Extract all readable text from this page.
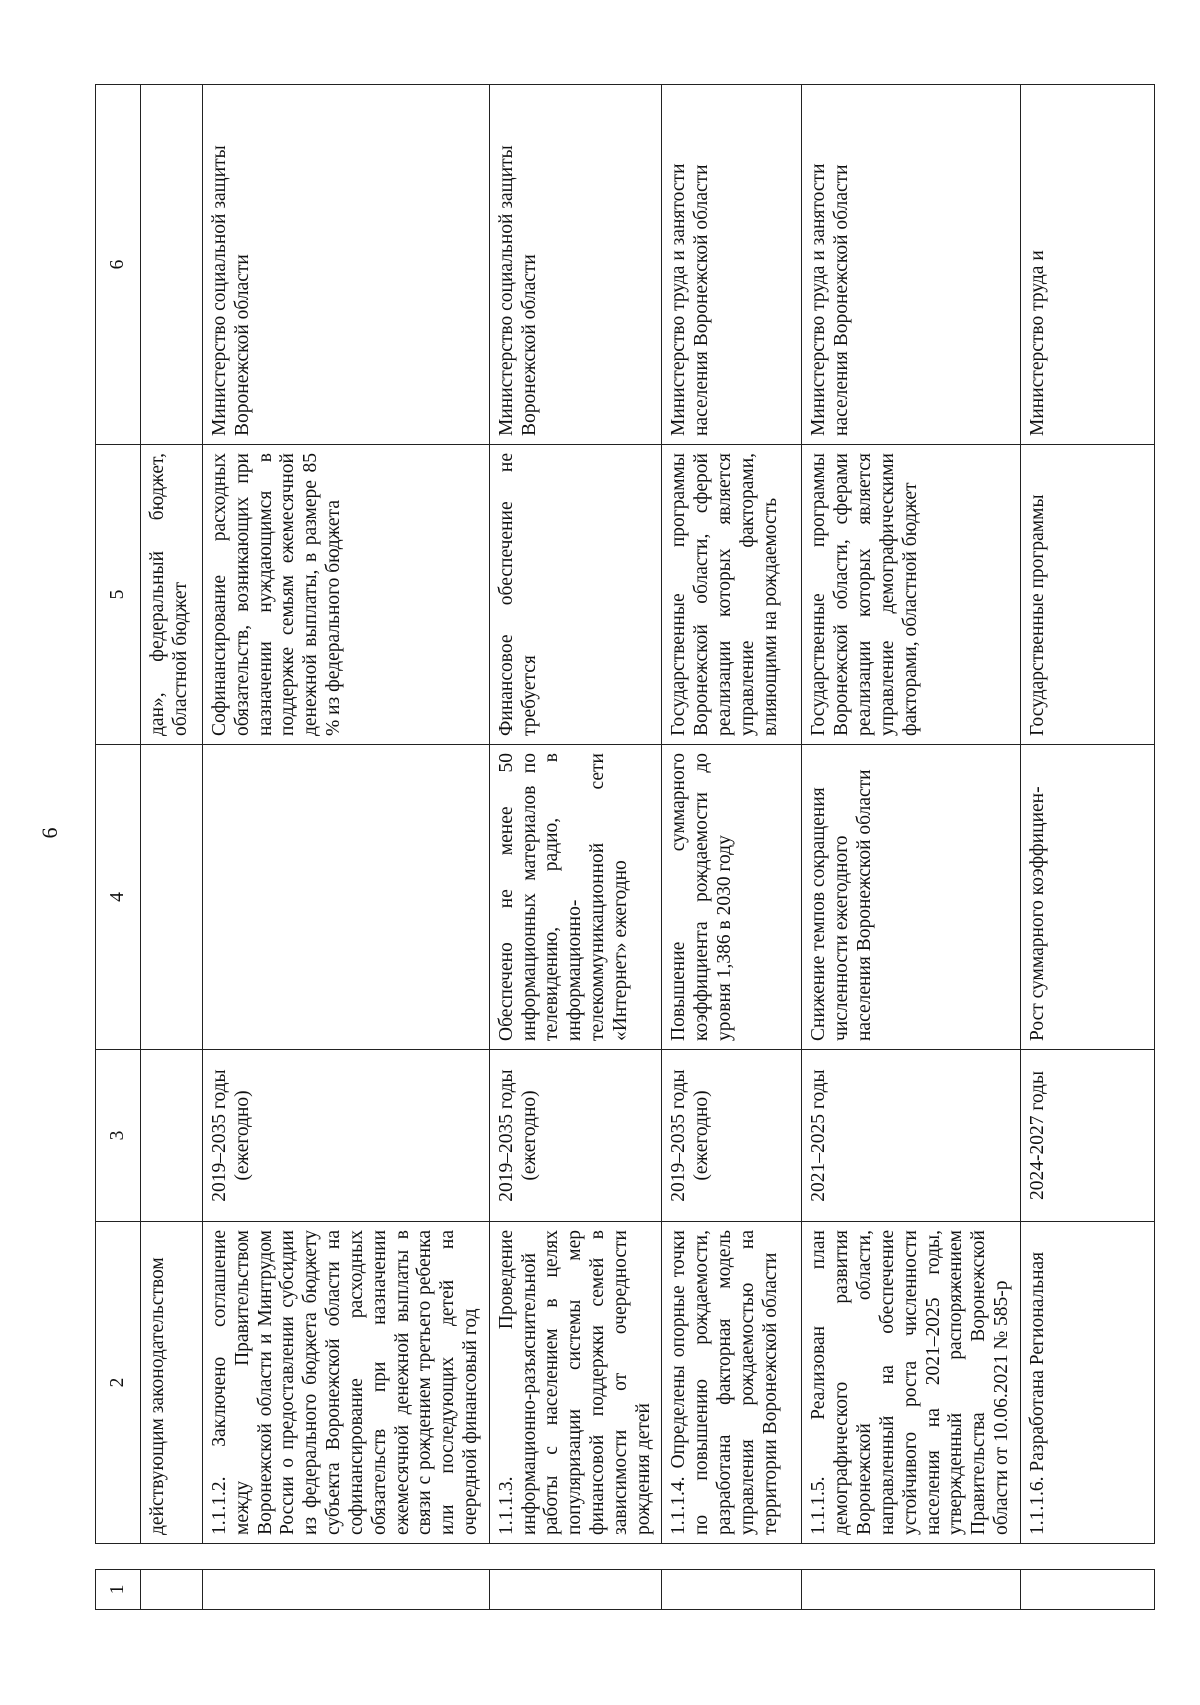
6
1		2	3	4	5	6
		действующим законодательством			дан», федеральный бюджет, областной бюджет	
		1.1.1.2. Заключено соглашение между Правительством Воронежской области и Минтрудом России о предоставлении субсидии из федерального бюджета бюджету субъекта Воронежской области на софинансирование расходных обязательств при назначении ежемесячной денежной выплаты в связи с рождением третьего ребенка или последующих детей на очередной финансовый год	2019–2035 годы (ежегодно)		Софинансирование расходных обязательств, возникающих при назначении нуждающимся в поддержке семьям ежемесячной денежной выплаты, в размере 85 % из федерального бюджета	Министерство социальной защиты Воронежской области
		1.1.1.3. Проведение информационно-разъяснительной работы с населением в целях популяризации системы мер финансовой поддержки семей в зависимости от очередности рождения детей	2019–2035 годы (ежегодно)	Обеспечено не менее 50 информационных материалов по телевидению, радио, в информационно-телекоммуникационной сети «Интернет» ежегодно	Финансовое обеспечение не требуется	Министерство социальной защиты Воронежской области
		1.1.1.4. Определены опорные точки по повышению рождаемости, разработана факторная модель управления рождаемостью на территории Воронежской области	2019–2035 годы (ежегодно)	Повышение суммарного коэффициента рождаемости до уровня 1,386 в 2030 году	Государственные программы Воронежской области, сферой реализации которых является управление факторами, влияющими на рождаемость	Министерство труда и занятости населения Воронежской области
		1.1.1.5. Реализован план демографического развития Воронежской области, направленный на обеспечение устойчивого роста численности населения на 2021–2025 годы, утвержденный распоряжением Правительства Воронежской области от 10.06.2021 № 585-р	2021–2025 годы	Снижение темпов сокращения численности ежегодного населения Воронежской области	Государственные программы Воронежской области, сферами реализации которых является управление демографическими факторами, областной бюджет	Министерство труда и занятости населения Воронежской области
		1.1.1.6. Разработана Региональная	2024-2027 годы	Рост суммарного коэффициен-	Государственные программы	Министерство труда и
